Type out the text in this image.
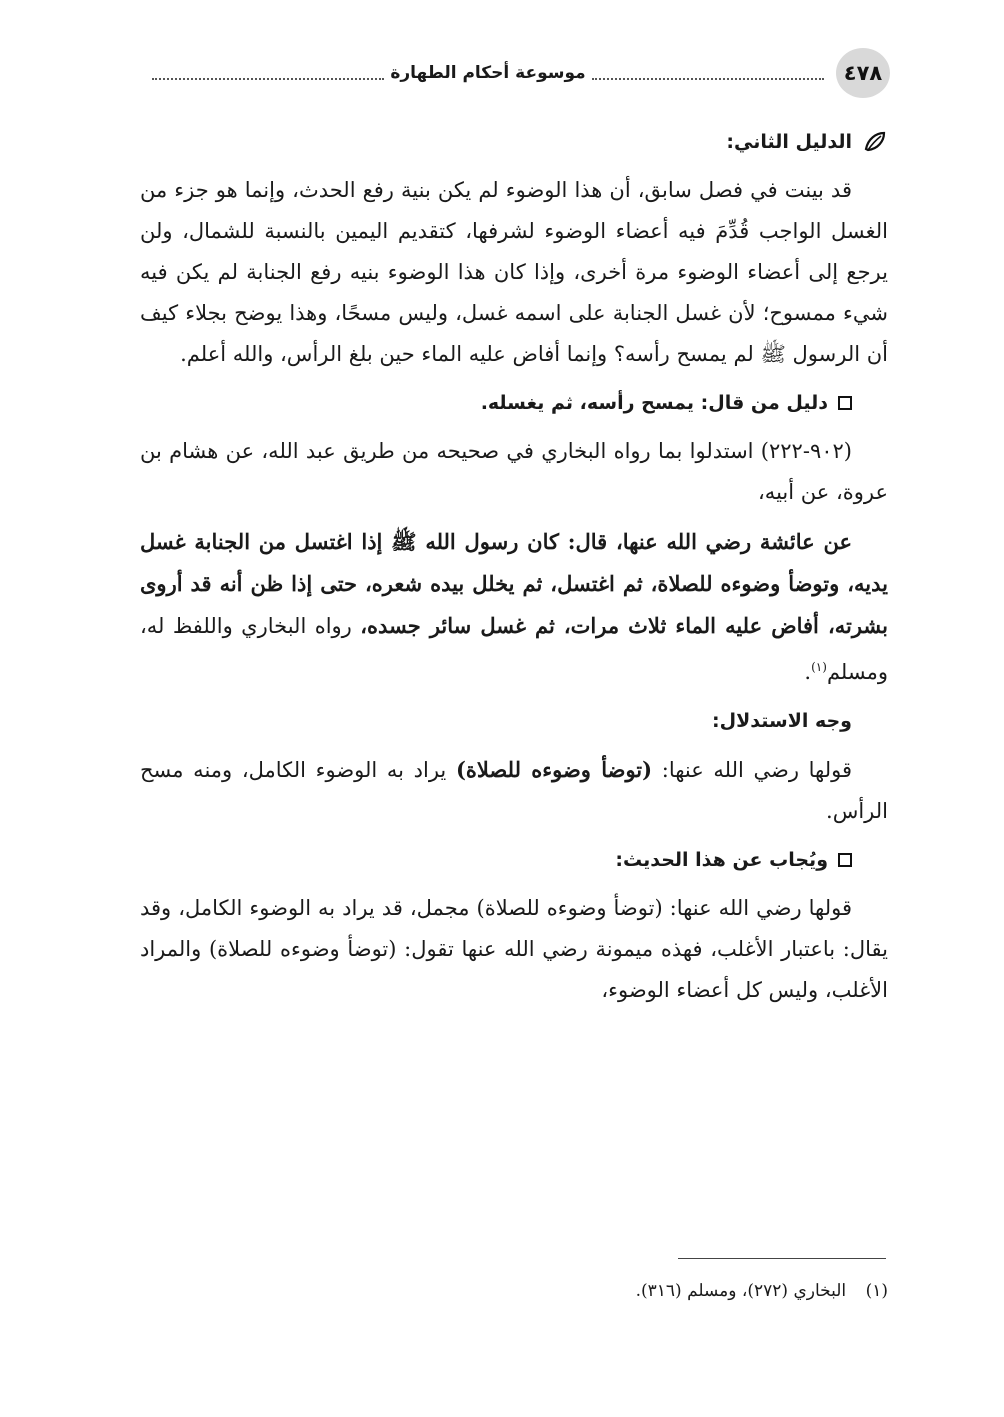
٤٧٨
موسوعة أحكام الطهارة
الدليل الثاني:

قد بينت في فصل سابق، أن هذا الوضوء لم يكن بنية رفع الحدث، وإنما هو جزء من الغسل الواجب قُدِّمَ فيه أعضاء الوضوء لشرفها، كتقديم اليمين بالنسبة للشمال، ولن يرجع إلى أعضاء الوضوء مرة أخرى، وإذا كان هذا الوضوء بنيه رفع الجنابة لم يكن فيه شيء ممسوح؛ لأن غسل الجنابة على اسمه غسل، وليس مسحًا، وهذا يوضح بجلاء كيف أن الرسول ﷺ لم يمسح رأسه؟ وإنما أفاض عليه الماء حين بلغ الرأس، والله أعلم.

دليل من قال: يمسح رأسه، ثم يغسله.

(٩٠٢-٢٢٢) استدلوا بما رواه البخاري في صحيحه من طريق عبد الله، عن هشام بن عروة، عن أبيه،

عن عائشة رضي الله عنها، قال: كان رسول الله ﷺ إذا اغتسل من الجنابة غسل يديه، وتوضأ وضوءه للصلاة، ثم اغتسل، ثم يخلل بيده شعره، حتى إذا ظن أنه قد أروى بشرته، أفاض عليه الماء ثلاث مرات، ثم غسل سائر جسده، رواه البخاري واللفظ له، ومسلم$^{(١)}$.

وجه الاستدلال:

قولها رضي الله عنها: (توضأ وضوءه للصلاة) يراد به الوضوء الكامل، ومنه مسح الرأس.

ويُجاب عن هذا الحديث:

قولها رضي الله عنها: (توضأ وضوءه للصلاة) مجمل، قد يراد به الوضوء الكامل، وقد يقال: باعتبار الأغلب، فهذه ميمونة رضي الله عنها تقول: (توضأ وضوءه للصلاة) والمراد الأغلب، وليس كل أعضاء الوضوء،

(١) البخاري (٢٧٢)، ومسلم (٣١٦).
